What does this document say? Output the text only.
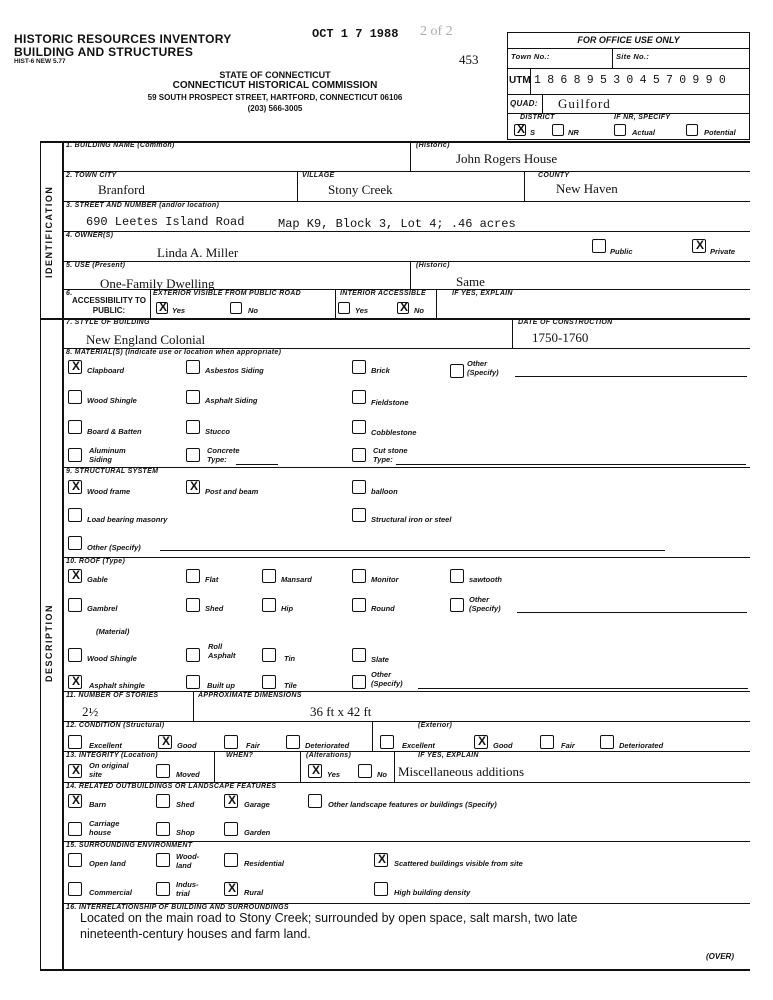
HISTORIC RESOURCES INVENTORY
BUILDING AND STRUCTURES
HIST-6 NEW 5.77
OCT 1 7 1988 2 of 2
453
STATE OF CONNECTICUT
CONNECTICUT HISTORICAL COMMISSION
59 SOUTH PROSPECT STREET, HARTFORD, CONNECTICUT 06106
(203) 566-3005
FOR OFFICE USE ONLY
Town No.:	Site No.:
UTM 1 8 6 8 9 5 3 0 4 5 7 0 9 9 0
QUAD: Guilford
DISTRICT	IF NR, SPECIFY
X S	NR	Actual	Potential
IDENTIFICATION
DESCRIPTION
1. BUILDING NAME (Common)	(Historic)
John Rogers House
2. TOWN CITY
Branford
VILLAGE
Stony Creek
COUNTY
New Haven
3. STREET AND NUMBER (and/or location)
690 Leetes Island Road	Map K9, Block 3, Lot 4; .46 acres
4. OWNER(S)
Linda A. Miller	Public	X Private
5. USE (Present)
One-Family Dwelling
(Historic)
Same
6.
ACCESSIBILITY TO PUBLIC:
EXTERIOR VISIBLE FROM PUBLIC ROAD
X Yes	No
INTERIOR ACCESSIBLE
Yes	X No
IF YES, EXPLAIN
7. STYLE OF BUILDING
New England Colonial
DATE OF CONSTRUCTION
1750-1760
8. MATERIAL(S) (Indicate use or location when appropriate)
X Clapboard	Asbestos Siding	Brick
Other
(Specify)
Wood Shingle	Asphalt Siding	Fieldstone
Board & Batten	Stucco	Cobblestone
Aluminum
Siding
Concrete
Type:
Cut stone
Type:
9. STRUCTURAL SYSTEM
X Wood frame	X Post and beam	balloon
Load bearing masonry	Structural iron or steel
Other (Specify)
10. ROOF (Type)
X Gable	Flat	Mansard	Monitor	sawtooth
Gambrel	Shed	Hip	Round
Other
(Specify)
(Material)
Wood Shingle
Roll
Asphalt	Tin	Slate
X	Asphalt shingle	Built up	Tile
Other
(Specify)
11. NUMBER OF STORIES
2½
APPROXIMATE DIMENSIONS
36 ft x 42 ft
12. CONDITION (Structural)	(Exterior)
Excellent	X Good	Fair	Deteriorated	Excellent	X Good	Fair	Deteriorated
13. INTEGRITY (Location)
X	On original
site	Moved
WHEN?	(Alterations)
X Yes	No
IF YES, EXPLAIN
Miscellaneous additions
14. RELATED OUTBUILDINGS OR LANDSCAPE FEATURES
X	Barn	Shed	X	Garage	Other landscape features or buildings (Specify)
Carriage
house	Shop	Garden
15. SURROUNDING ENVIRONMENT
Open land
Wood-
land	Residential	X	Scattered buildings visible from site
Commercial
Indus-
trial	X	Rural	High building density
16. INTERRELATIONSHIP OF BUILDING AND SURROUNDINGS
Located on the main road to Stony Creek; surrounded by open space, salt marsh, two late
nineteenth-century houses and farm land.
(OVER)
